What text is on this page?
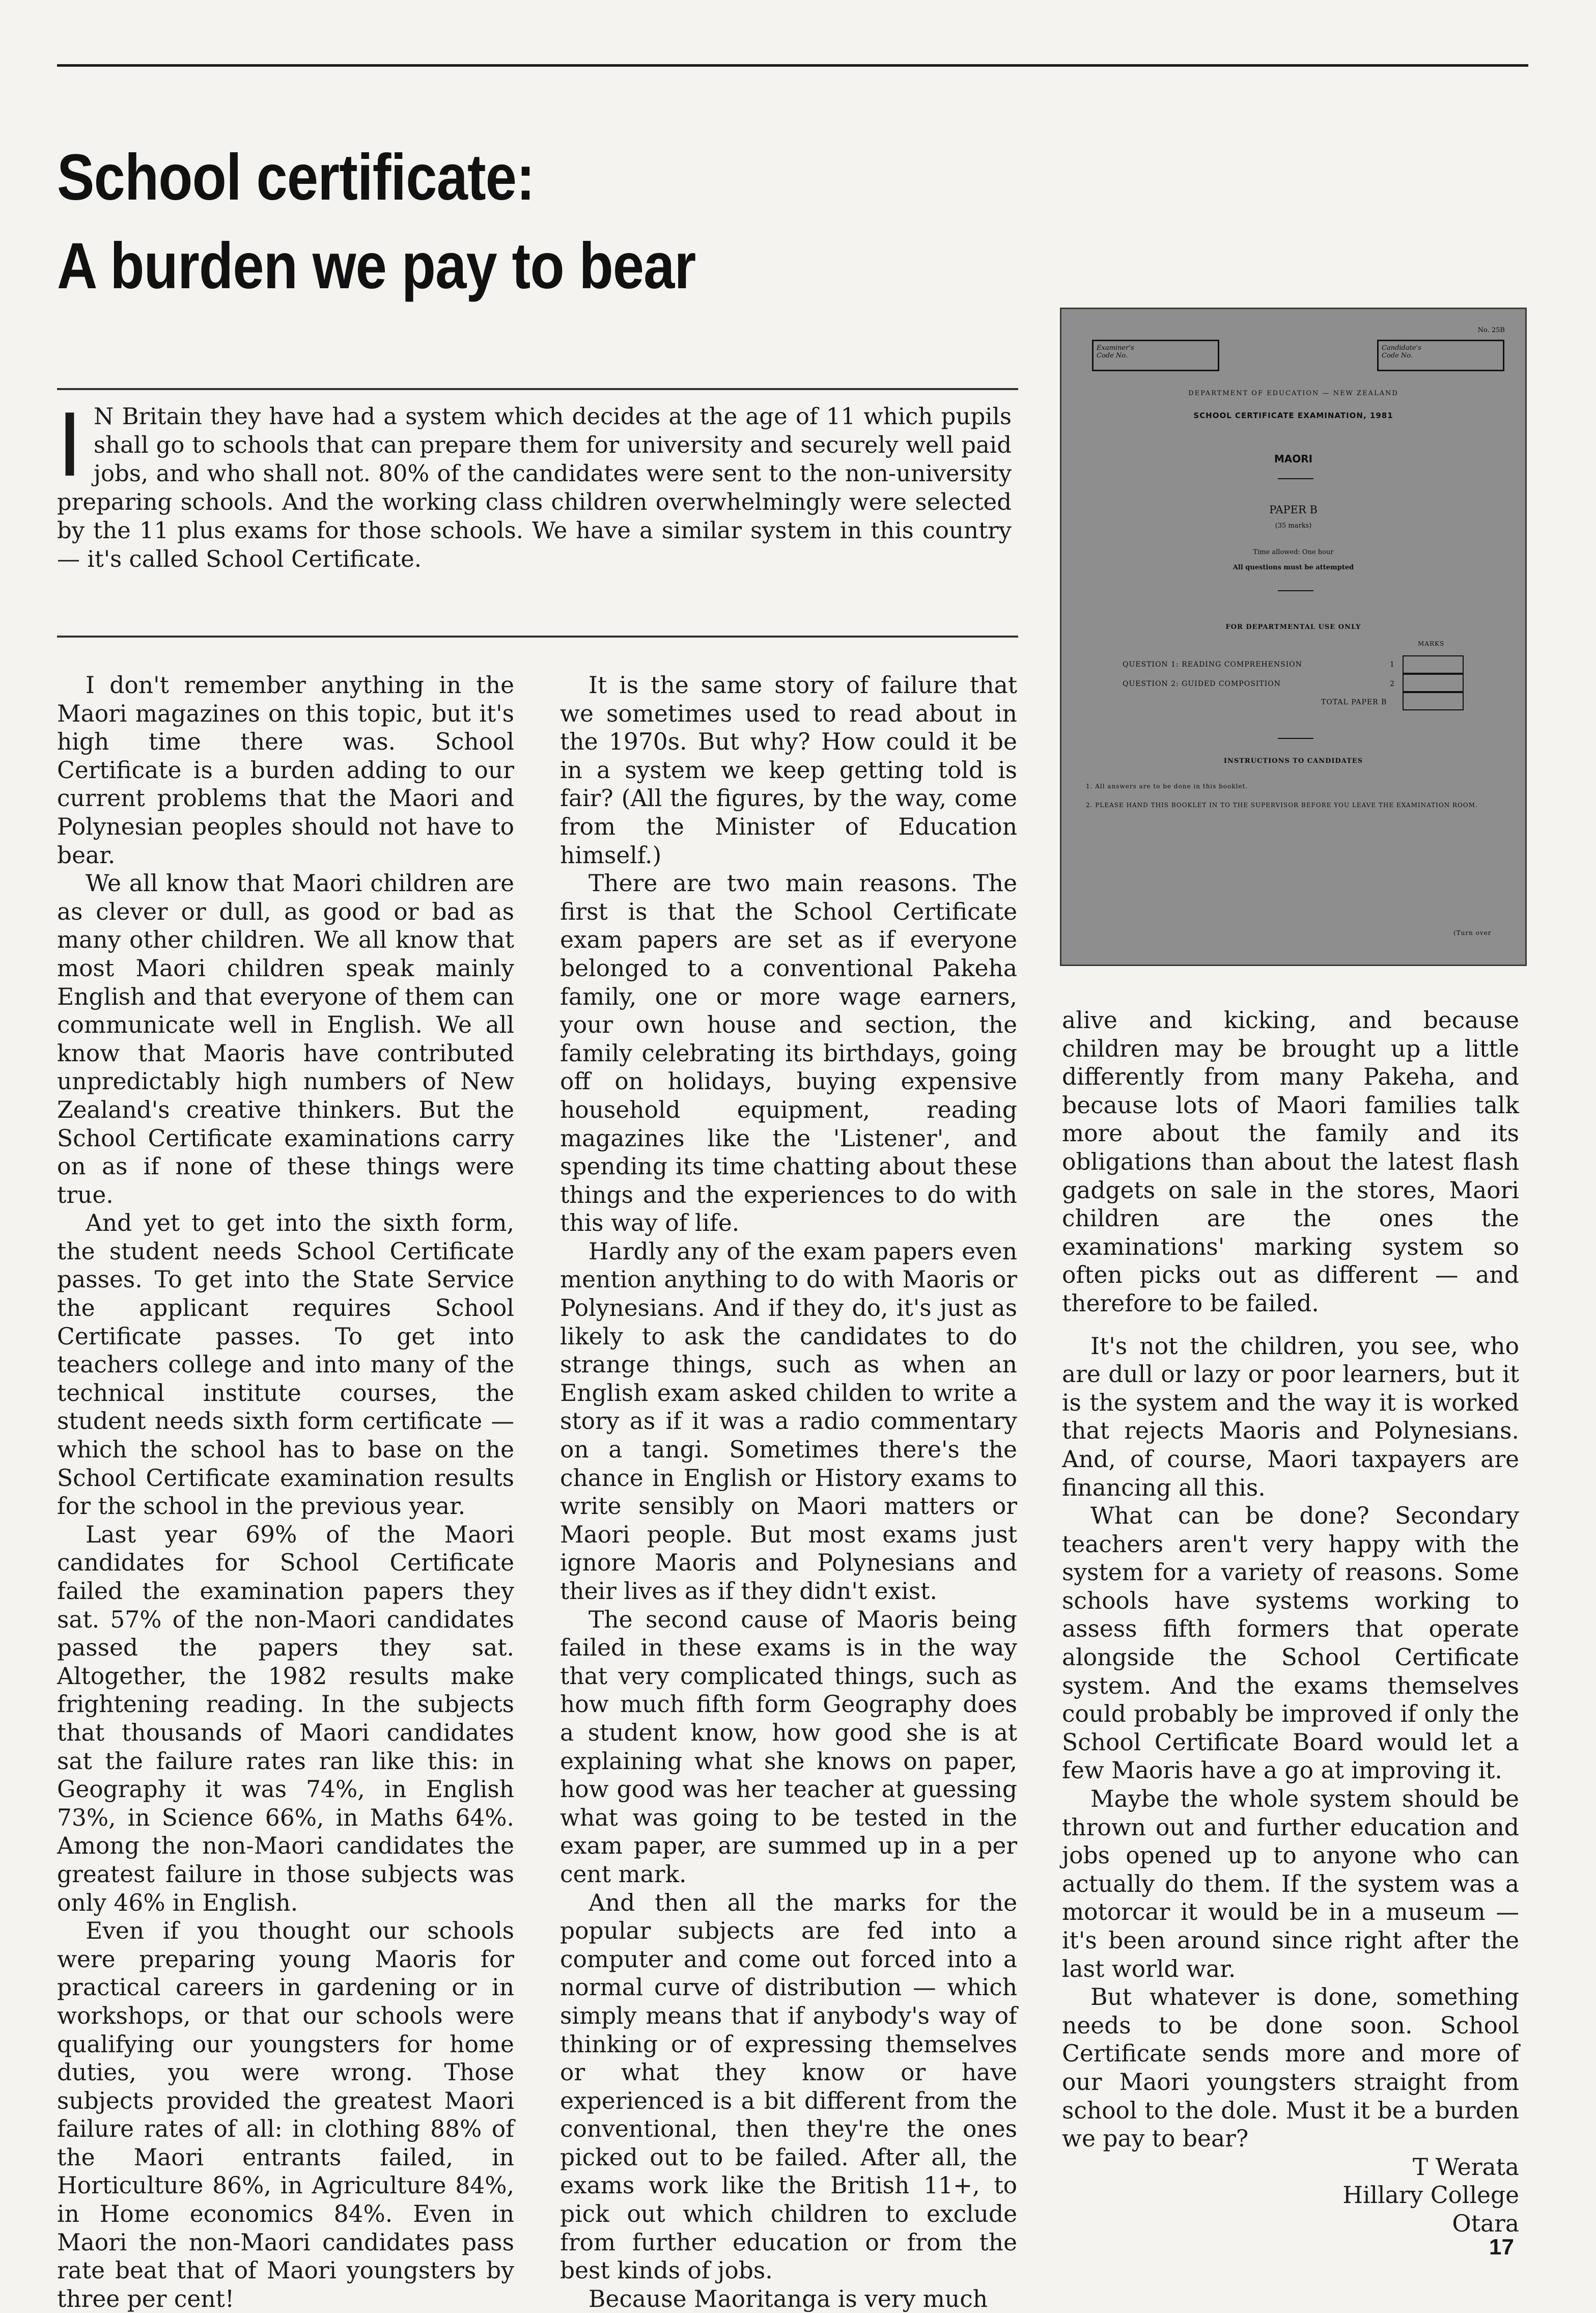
School certificate:
A burden we pay to bear

I N Britain they have had a system which decides at the age of 11 which pupils shall go to schools that can prepare them for university and securely well paid jobs, and who shall not. 80% of the candidates were sent to the non-university preparing schools. And the working class children overwhelmingly were selected by the 11 plus exams for those schools. We have a similar system in this country — it's called School Certificate.

I don't remember anything in the Maori magazines on this topic, but it's high time there was. School Certificate is a burden adding to our current problems that the Maori and Polynesian peoples should not have to bear.

We all know that Maori children are as clever or dull, as good or bad as many other children. We all know that most Maori children speak mainly English and that everyone of them can communicate well in English. We all know that Maoris have contributed unpredictably high numbers of New Zealand's creative thinkers. But the School Certificate examinations carry on as if none of these things were true.

And yet to get into the sixth form, the student needs School Certificate passes. To get into the State Service the applicant requires School Certificate passes. To get into teachers college and into many of the technical institute courses, the student needs sixth form certificate — which the school has to base on the School Certificate examination results for the school in the previous year.

Last year 69% of the Maori candidates for School Certificate failed the examination papers they sat. 57% of the non-Maori candidates passed the papers they sat. Altogether, the 1982 results make frightening reading. In the subjects that thousands of Maori candidates sat the failure rates ran like this: in Geography it was 74%, in English 73%, in Science 66%, in Maths 64%. Among the non-Maori candidates the greatest failure in those subjects was only 46% in English.

Even if you thought our schools were preparing young Maoris for practical careers in gardening or in workshops, or that our schools were qualifying our youngsters for home duties, you were wrong. Those subjects provided the greatest Maori failure rates of all: in clothing 88% of the Maori entrants failed, in Horticulture 86%, in Agriculture 84%, in Home economics 84%. Even in Maori the non-Maori candidates pass rate beat that of Maori youngsters by three per cent!

It is the same story of failure that we sometimes used to read about in the 1970s. But why? How could it be in a system we keep getting told is fair? (All the figures, by the way, come from the Minister of Education himself.)

There are two main reasons. The first is that the School Certificate exam papers are set as if everyone belonged to a conventional Pakeha family, one or more wage earners, your own house and section, the family celebrating its birthdays, going off on holidays, buying expensive household equipment, reading magazines like the 'Listener', and spending its time chatting about these things and the experiences to do with this way of life.

Hardly any of the exam papers even mention anything to do with Maoris or Polynesians. And if they do, it's just as likely to ask the candidates to do strange things, such as when an English exam asked childen to write a story as if it was a radio commentary on a tangi. Sometimes there's the chance in English or History exams to write sensibly on Maori matters or Maori people. But most exams just ignore Maoris and Polynesians and their lives as if they didn't exist.

The second cause of Maoris being failed in these exams is in the way that very complicated things, such as how much fifth form Geography does a student know, how good she is at explaining what she knows on paper, how good was her teacher at guessing what was going to be tested in the exam paper, are summed up in a per cent mark.

And then all the marks for the popular subjects are fed into a computer and come out forced into a normal curve of distribution — which simply means that if anybody's way of thinking or of expressing themselves or what they know or have experienced is a bit different from the conventional, then they're the ones picked out to be failed. After all, the exams work like the British 11+, to pick out which children to exclude from further education or from the best kinds of jobs.

Because Maoritanga is very much

No. 25B
Examiner's Code No.
Candidate's Code No.
DEPARTMENT OF EDUCATION — NEW ZEALAND
SCHOOL CERTIFICATE EXAMINATION, 1981
MAORI
PAPER B
(35 marks)
Time allowed: One hour
All questions must be attempted
FOR DEPARTMENTAL USE ONLY
MARKS
QUESTION 1: READING COMPREHENSION	1
QUESTION 2: GUIDED COMPOSITION	2
TOTAL PAPER B
INSTRUCTIONS TO CANDIDATES
1. All answers are to be done in this booklet.
2. PLEASE HAND THIS BOOKLET IN TO THE SUPERVISOR BEFORE YOU LEAVE THE EXAMINATION ROOM.
(Turn over

alive and kicking, and because children may be brought up a little differently from many Pakeha, and because lots of Maori families talk more about the family and its obligations than about the latest flash gadgets on sale in the stores, Maori children are the ones the examinations' marking system so often picks out as different — and therefore to be failed.

It's not the children, you see, who are dull or lazy or poor learners, but it is the system and the way it is worked that rejects Maoris and Polynesians. And, of course, Maori taxpayers are financing all this.

What can be done? Secondary teachers aren't very happy with the system for a variety of reasons. Some schools have systems working to assess fifth formers that operate alongside the School Certificate system. And the exams themselves could probably be improved if only the School Certificate Board would let a few Maoris have a go at improving it.

Maybe the whole system should be thrown out and further education and jobs opened up to anyone who can actually do them. If the system was a motorcar it would be in a museum — it's been around since right after the last world war.

But whatever is done, something needs to be done soon. School Certificate sends more and more of our Maori youngsters straight from school to the dole. Must it be a burden we pay to bear?

T Werata

Hillary College

Otara

17
